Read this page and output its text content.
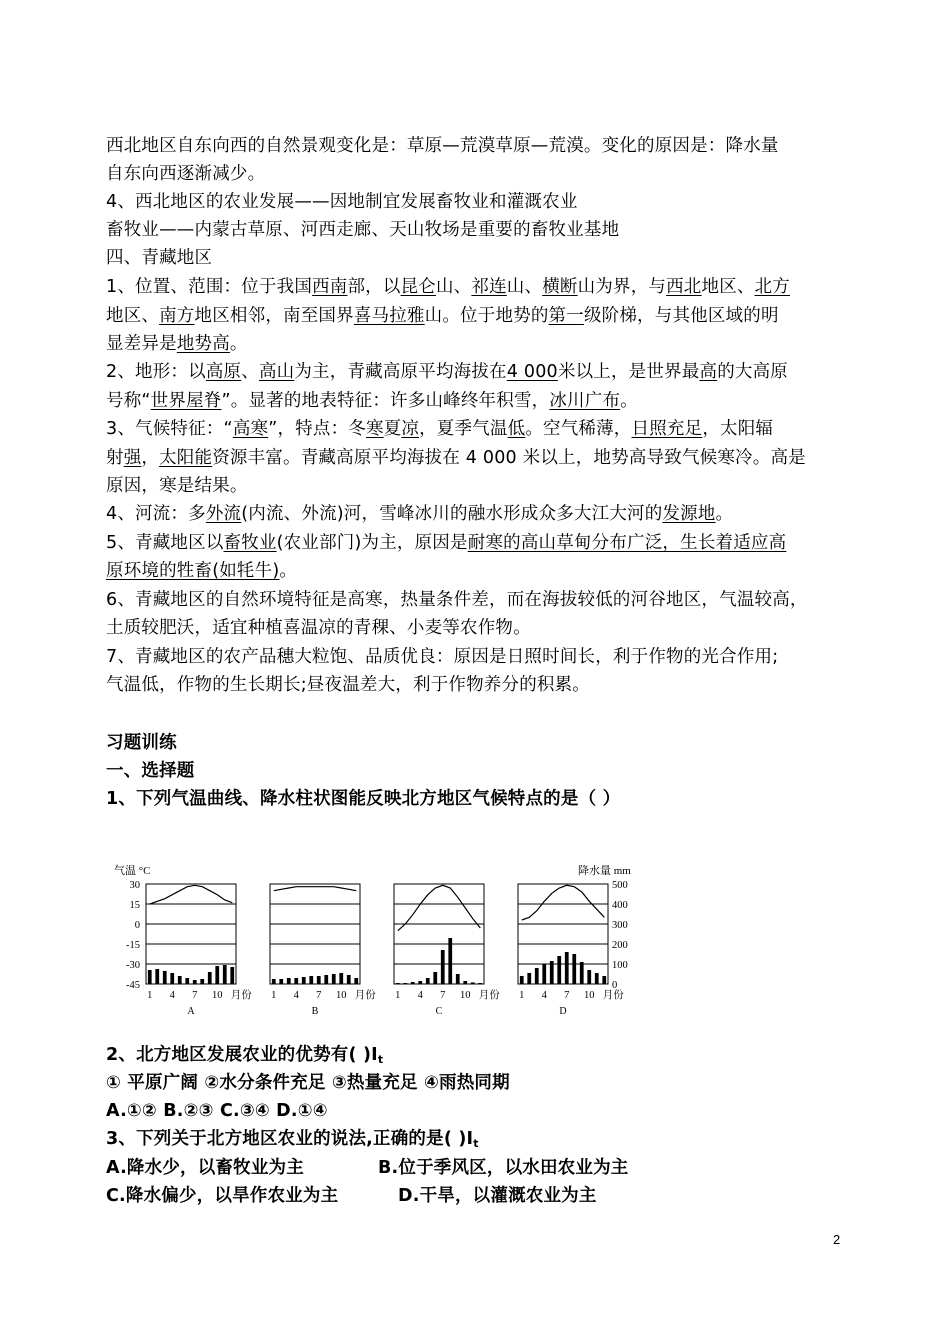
西北地区自东向西的自然景观变化是：草原—荒漠草原—荒漠。变化的原因是：降水量
自东向西逐渐减少。
4、西北地区的农业发展——因地制宜发展畜牧业和灌溉农业
畜牧业——内蒙古草原、河西走廊、天山牧场是重要的畜牧业基地
四、青藏地区
1、位置、范围：位于我国西南部，以昆仑山、祁连山、横断山为界，与西北地区、北方
地区、南方地区相邻，南至国界喜马拉雅山。位于地势的第一级阶梯，与其他区域的明
显差异是地势高。
2、地形：以高原、高山为主，青藏高原平均海拔在4 000米以上，是世界最高的大高原
号称“世界屋脊”。显著的地表特征：许多山峰终年积雪，冰川广布。
3、气候特征：“高寒”，特点：冬寒夏凉，夏季气温低。空气稀薄，日照充足，太阳辐
射强，太阳能资源丰富。青藏高原平均海拔在 4 000 米以上，地势高导致气候寒冷。高是
原因，寒是结果。
4、河流：多外流(内流、外流)河，雪峰冰川的融水形成众多大江大河的发源地。
5、青藏地区以畜牧业(农业部门)为主，原因是耐寒的高山草甸分布广泛，生长着适应高
原环境的牲畜(如牦牛)。
6、青藏地区的自然环境特征是高寒，热量条件差，而在海拔较低的河谷地区，气温较高，
土质较肥沃，适宜种植喜温凉的青稞、小麦等农作物。
7、青藏地区的农产品穗大粒饱、品质优良：原因是日照时间长，利于作物的光合作用;
气温低，作物的生长期长;昼夜温差大，利于作物养分的积累。
习题训练
一、选择题
1、下列气温曲线、降水柱状图能反映北方地区气候特点的是（ ）
气温 °C	降水量 mm
30
15
0
-15
-30
-45
500
400
300
200
100
0
1 4 7 10 月份
A
1 4 7 10 月份
B
1 4 7 10 月份
C
1 4 7 10 月份
D
2、北方地区发展农业的优势有( )$I_t$
① 平原广阔 ②水分条件充足 ③热量充足 ④雨热同期
A.①② B.②③ C.③④ D.①④
3、下列关于北方地区农业的说法,正确的是( )$I_t$
A.降水少，以畜牧业为主	B.位于季风区，以水田农业为主
C.降水偏少，以旱作农业为主	D.干旱，以灌溉农业为主
2
